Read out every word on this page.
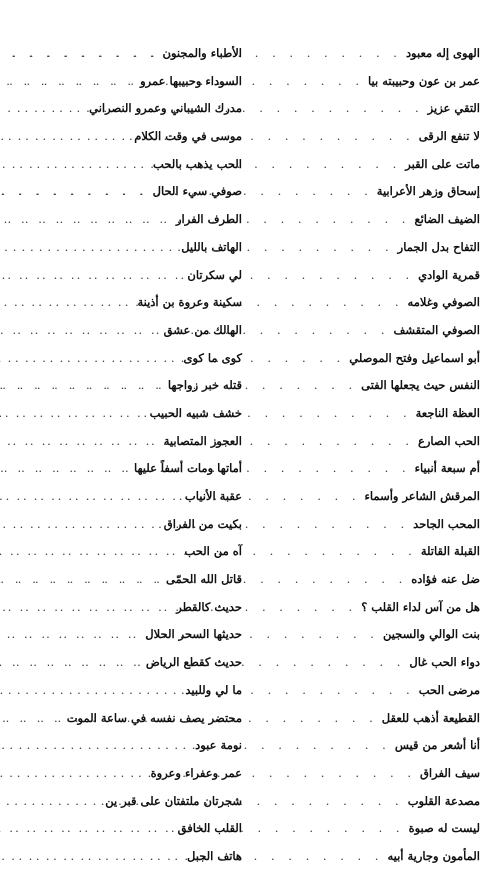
الأطباء والمجنون
. . .
السوداء وحبيبها عمرو
. . .
مدرك الشيباني وعمرو النصراني
. . .
موسى في وقت الكلام
. . .
الحب يذهب بالحب
. . .
صوفي سيء الحال
. . .
الطرف الفرار
. . .
الهاتف بالليل
. . .
لي سكرتان
. . .
سكينة وعروة بن أذينة
. . .
الهالك من عشق
. . .
كوى ما كوى
. . .
قتله خبر زواجها
. . .
خشف شبيه الحبيب
. . .
العجوز المتصابية
. . .
أماتها ومات أسفاً عليها
. . .
عقبة الأنياب
. . .
بكيت من الفراق
. . .
آه من الحب
. . .
قاتل الله الحمّى
. . .
حديث كالقطر
. . .
حديثها السحر الحلال
. . .
حديث كقطع الرياض
. . .
ما لي وللبيد
. . .
محتضر يصف نفسه في ساعة الموت
. . .
نومة عبود
. . .
عمر وعفراء وعروة
. . .
شجرتان ملتفتان على قبر ين
. . .
القلب الخافق
. . .
هاتف الجبل
. . .
الهوى إله معبود
. . .
عمر بن عون وحبيبته بيا
. . .
التقي عزيز
. . .
لا تنفع الرقى
. . .
ماتت على القبر
. . .
إسحاق وزهر الأعرابية
. . .
الضيف الضائع
. . .
التفاح بدل الجمار
. . .
قمرية الوادي
. . .
الصوفي وغلامه
. . .
الصوفي المتقشف
. . .
أبو اسماعيل وفتح الموصلي
. . .
النفس حيث يجعلها الفتى
. . .
العظة الناجعة
. . .
الحب الصارع
. . .
أم سبعة أنبياء
. . .
المرقش الشاعر وأسماء
. . .
المحب الجاحد
. . .
القبلة القاتلة
. . .
ضل عنه فؤاده
. . .
هل من آس لداء القلب ؟
. . .
بنت الوالي والسجين
. . .
دواء الحب غال
. . .
مرضى الحب
. . .
القطيعة أذهب للعقل
. . .
أنا أشعر من قيس
. . .
سيف الفراق
. . .
مصدعة القلوب
. . .
ليست له صبوة
. . .
المأمون وجارية أبيه
. . .
